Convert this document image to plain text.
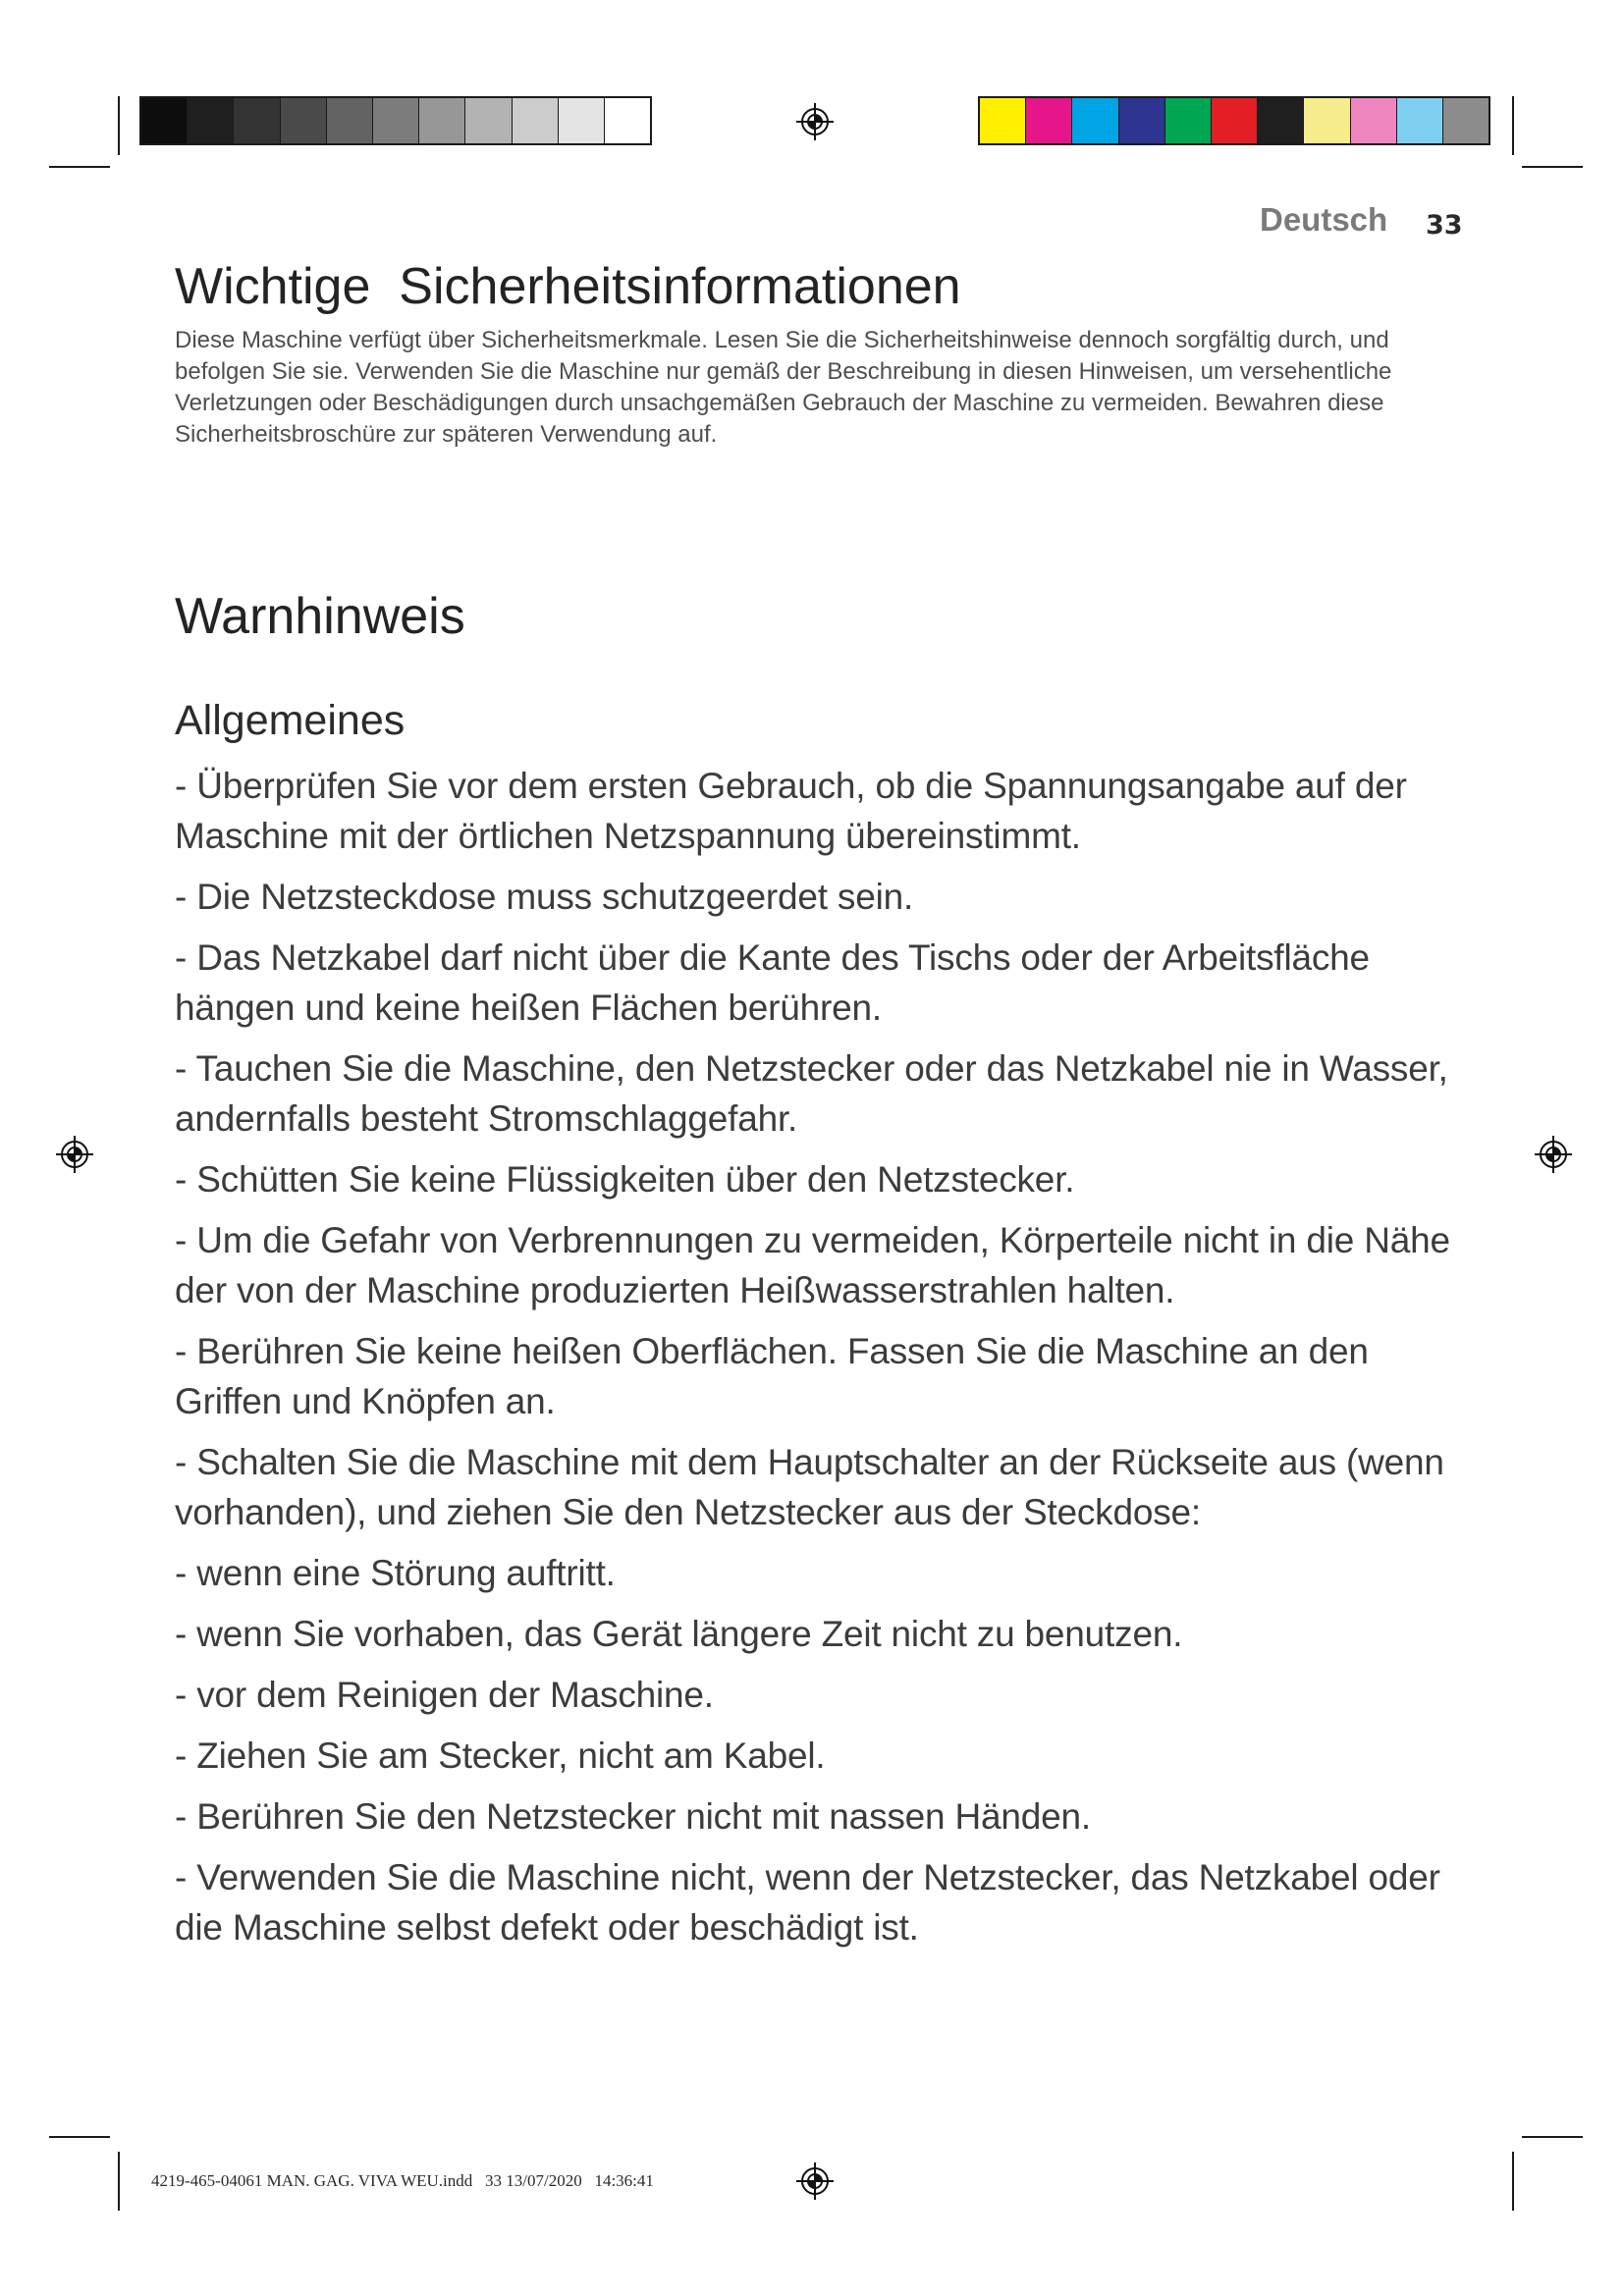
Deutsch 33
Wichtige  Sicherheitsinformationen

Diese Maschine verfügt über Sicherheitsmerkmale. Lesen Sie die Sicherheitshinweise dennoch sorgfältig durch, und befolgen Sie sie. Verwenden Sie die Maschine nur gemäß der Beschreibung in diesen Hinweisen, um versehentliche Verletzungen oder Beschädigungen durch unsachgemäßen Gebrauch der Maschine zu vermeiden. Bewahren diese Sicherheitsbroschüre zur späteren Verwendung auf.

Warnhinweis
Allgemeines
- Überprüfen Sie vor dem ersten Gebrauch, ob die Spannungsangabe auf der Maschine mit der örtlichen Netzspannung übereinstimmt.
- Die Netzsteckdose muss schutzgeerdet sein.
- Das Netzkabel darf nicht über die Kante des Tischs oder der Arbeitsfläche hängen und keine heißen Flächen berühren.
- Tauchen Sie die Maschine, den Netzstecker oder das Netzkabel nie in Wasser, andernfalls besteht Stromschlaggefahr.
- Schütten Sie keine Flüssigkeiten über den Netzstecker.
- Um die Gefahr von Verbrennungen zu vermeiden, Körperteile nicht in die Nähe der von der Maschine produzierten Heißwasserstrahlen halten.
- Berühren Sie keine heißen Oberflächen. Fassen Sie die Maschine an den Griffen und Knöpfen an.
- Schalten Sie die Maschine mit dem Hauptschalter an der Rückseite aus (wenn vorhanden), und ziehen Sie den Netzstecker aus der Steckdose:
- wenn eine Störung auftritt.
- wenn Sie vorhaben, das Gerät längere Zeit nicht zu benutzen.
- vor dem Reinigen der Maschine.
- Ziehen Sie am Stecker, nicht am Kabel.
- Berühren Sie den Netzstecker nicht mit nassen Händen.
- Verwenden Sie die Maschine nicht, wenn der Netzstecker, das Netzkabel oder die Maschine selbst defekt oder beschädigt ist.
4219-465-04061 MAN. GAG. VIVA WEU.indd   33 13/07/2020   14:36:41
